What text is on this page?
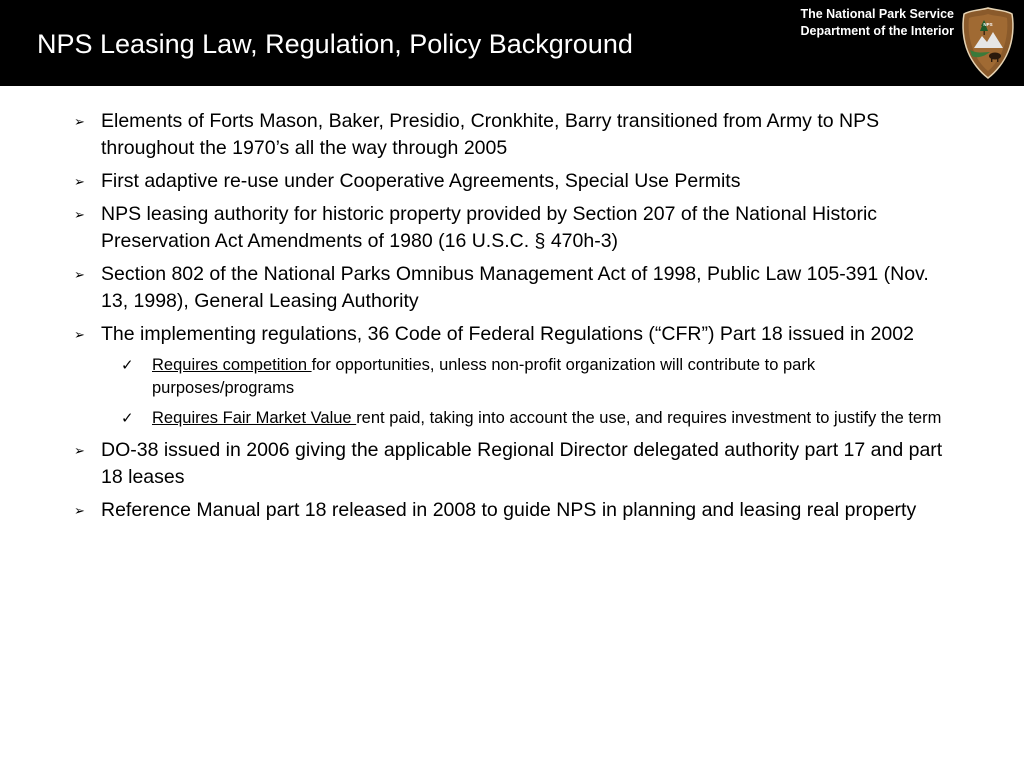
NPS Leasing Law, Regulation, Policy Background
The National Park Service
Department of the Interior	NPS
➢ Elements of Forts Mason, Baker, Presidio, Cronkhite, Barry transitioned from Army to NPS throughout the 1970’s all the way through 2005
➢ First adaptive re-use under Cooperative Agreements, Special Use Permits
➢ NPS leasing authority for historic property provided by Section 207 of the National Historic Preservation Act Amendments of 1980 (16 U.S.C. § 470h-3)
➢ Section 802 of the National Parks Omnibus Management Act of 1998, Public Law 105-391 (Nov. 13, 1998), General Leasing Authority
➢ The implementing regulations, 36 Code of Federal Regulations (“CFR”) Part 18 issued in 2002
✓ Requires competition for opportunities, unless non-profit organization will contribute to park purposes/programs
✓ Requires Fair Market Value rent paid, taking into account the use, and requires investment to justify the term
➢ DO-38 issued in 2006 giving the applicable Regional Director delegated authority part 17 and part 18 leases
➢ Reference Manual part 18 released in 2008 to guide NPS in planning and leasing real property
